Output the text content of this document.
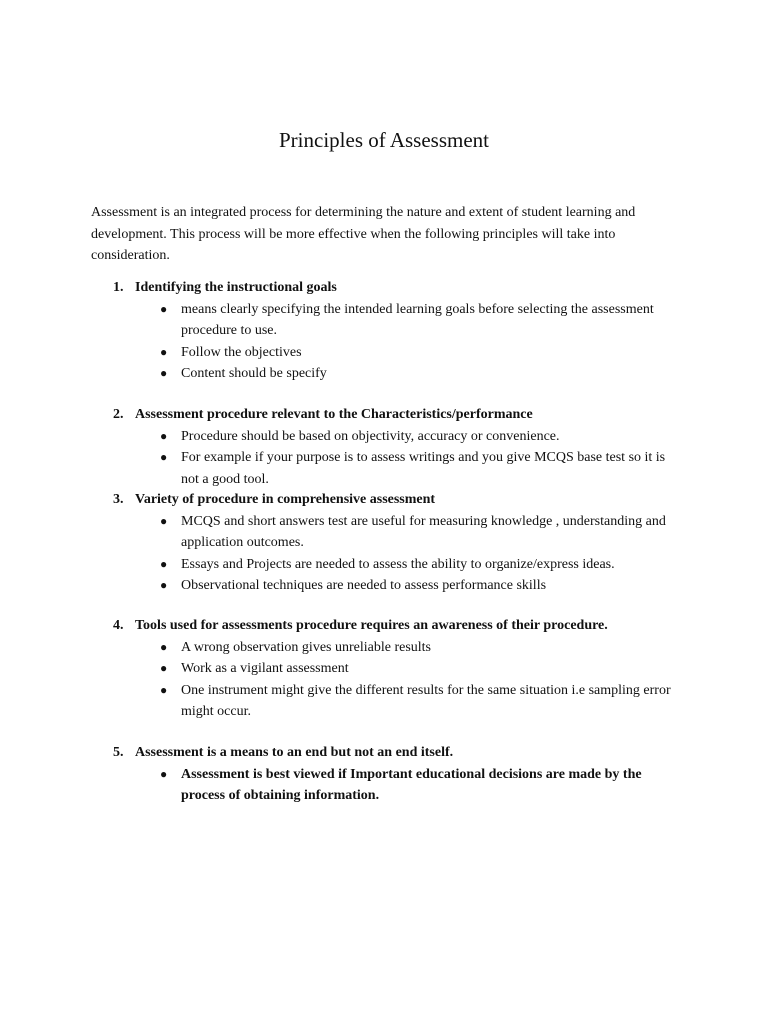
Principles of Assessment

Assessment is an integrated process for determining the nature and extent of student learning and development. This process will be more effective when the following principles will take into consideration.

1. Identifying the instructional goals

● means clearly specifying the intended learning goals before selecting the assessment procedure to use.
● Follow the objectives
● Content should be specify

2. Assessment procedure relevant to the Characteristics/performance

● Procedure should be based on objectivity, accuracy or convenience.
● For example if your purpose is to assess writings and you give MCQS base test so it is not a good tool.

3. Variety of procedure in comprehensive assessment

● MCQS and short answers test are useful for measuring knowledge , understanding and application outcomes.
● Essays and Projects are needed to assess the ability to organize/express ideas.
● Observational techniques are needed to assess performance skills

4. Tools used for assessments procedure requires an awareness of their procedure.

● A wrong observation gives unreliable results
● Work as a vigilant assessment
● One instrument might give the different results for the same situation i.e sampling error might occur.

5. Assessment is a means to an end but not an end itself.

● Assessment is best viewed if Important educational decisions are made by the process of obtaining information.
